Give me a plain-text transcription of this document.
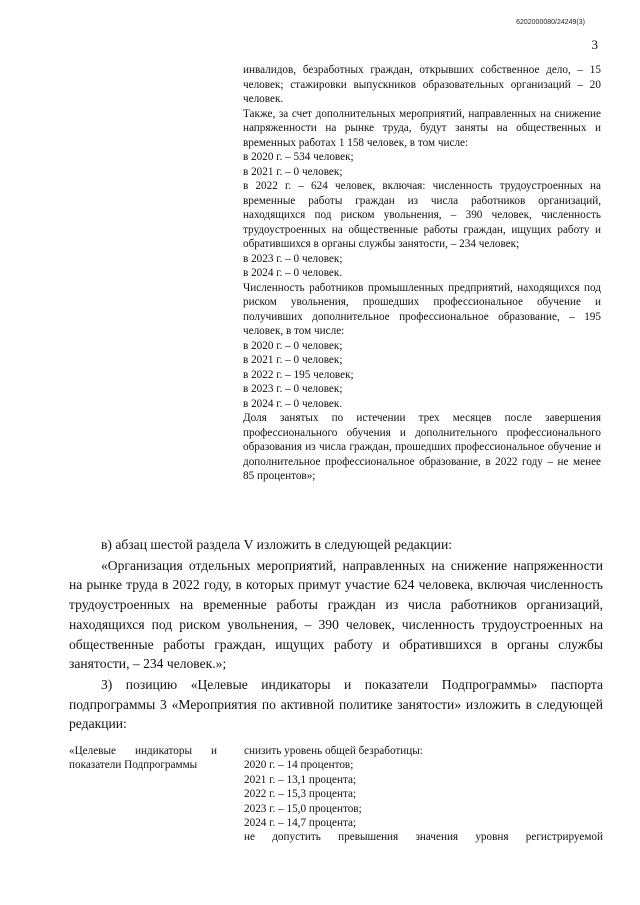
6202000080/24249(3)
3

инвалидов, безработных граждан, открывших собственное дело, – 15 человек; стажировки выпускников образовательных организаций – 20 человек.

Также, за счет дополнительных мероприятий, направленных на снижение напряженности на рынке труда, будут заняты на общественных и временных работах 1 158 человек, в том числе:

в 2020 г. – 534 человек;

в 2021 г. – 0 человек;

в 2022 г. – 624 человек, включая: численность трудоустроенных на временные работы граждан из числа работников организаций, находящихся под риском увольнения, – 390 человек, численность трудоустроенных на общественные работы граждан, ищущих работу и обратившихся в органы службы занятости, – 234 человек;

в 2023 г. – 0 человек;

в 2024 г. – 0 человек.

Численность работников промышленных предприятий, находящихся под риском увольнения, прошедших профессиональное обучение и получивших дополнительное профессиональное образование, – 195 человек, в том числе:

в 2020 г. – 0 человек;

в 2021 г. – 0 человек;

в 2022 г. – 195 человек;

в 2023 г. – 0 человек;

в 2024 г. – 0 человек.

Доля занятых по истечении трех месяцев после завершения профессионального обучения и дополнительного профессионального образования из числа граждан, прошедших профессиональное обучение и дополнительное профессиональное образование, в 2022 году – не менее 85 процентов»;

в) абзац шестой раздела V изложить в следующей редакции:

«Организация отдельных мероприятий, направленных на снижение напряженности на рынке труда в 2022 году, в которых примут участие 624 человека, включая численность трудоустроенных на временные работы граждан из числа работников организаций, находящихся под риском увольнения, – 390 человек, численность трудоустроенных на общественные работы граждан, ищущих работу и обратившихся в органы службы занятости, – 234 человек.»;

3) позицию «Целевые индикаторы и показатели Подпрограммы» паспорта подпрограммы 3 «Мероприятия по активной политике занятости» изложить в следующей редакции:

«Целевые индикаторы и показатели Подпрограммы

снизить уровень общей безработицы:

2020 г. – 14 процентов;

2021 г. – 13,1 процента;

2022 г. – 15,3 процента;

2023 г. – 15,0 процентов;

2024 г. – 14,7 процента;

не допустить превышения значения уровня регистрируемой
